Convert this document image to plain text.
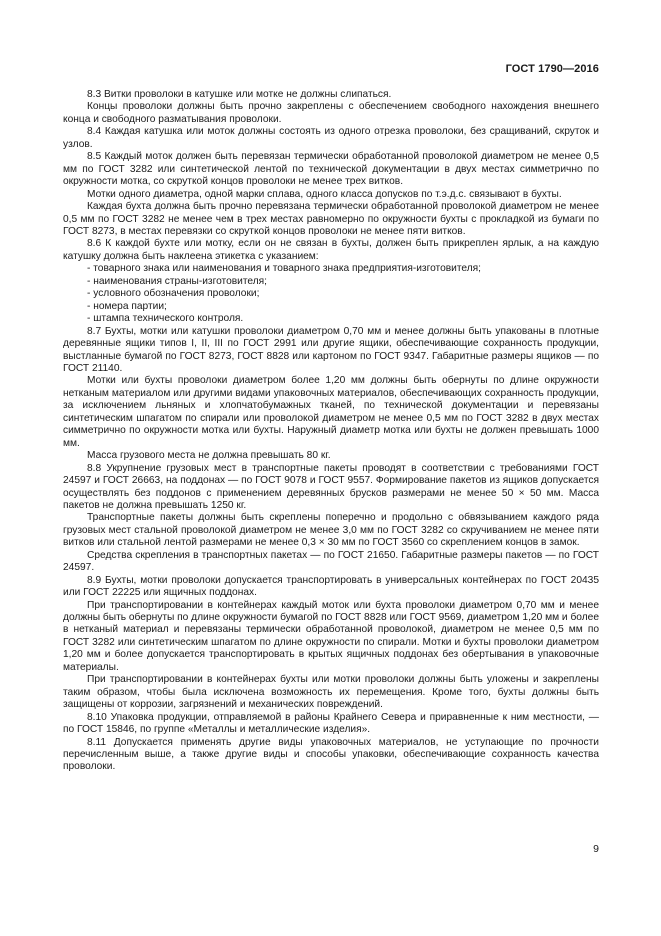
ГОСТ 1790—2016

8.3 Витки проволоки в катушке или мотке не должны слипаться.

Концы проволоки должны быть прочно закреплены с обеспечением свободного нахождения внешнего конца и свободного разматывания проволоки.

8.4 Каждая катушка или моток должны состоять из одного отрезка проволоки, без сращиваний, скруток и узлов.

8.5 Каждый моток должен быть перевязан термически обработанной проволокой диаметром не менее 0,5 мм по ГОСТ 3282 или синтетической лентой по технической документации в двух местах симметрично по окружности мотка, со скруткой концов проволоки не менее трех витков.

Мотки одного диаметра, одной марки сплава, одного класса допусков по т.э.д.с. связывают в бухты.

Каждая бухта должна быть прочно перевязана термически обработанной проволокой диаметром не менее 0,5 мм по ГОСТ 3282 не менее чем в трех местах равномерно по окружности бухты с прокладкой из бумаги по ГОСТ 8273, в местах перевязки со скруткой концов проволоки не менее пяти витков.

8.6 К каждой бухте или мотку, если он не связан в бухты, должен быть прикреплен ярлык, а на каждую катушку должна быть наклеена этикетка с указанием:

- товарного знака или наименования и товарного знака предприятия-изготовителя;

- наименования страны-изготовителя;

- условного обозначения проволоки;

- номера партии;

- штампа технического контроля.

8.7 Бухты, мотки или катушки проволоки диаметром 0,70 мм и менее должны быть упакованы в плотные деревянные ящики типов I, II, III по ГОСТ 2991 или другие ящики, обеспечивающие сохранность продукции, выстланные бумагой по ГОСТ 8273, ГОСТ 8828 или картоном по ГОСТ 9347. Габаритные размеры ящиков — по ГОСТ 21140.

Мотки или бухты проволоки диаметром более 1,20 мм должны быть обернуты по длине окружности нетканым материалом или другими видами упаковочных материалов, обеспечивающих сохранность продукции, за исключением льняных и хлопчатобумажных тканей, по технической документации и перевязаны синтетическим шпагатом по спирали или проволокой диаметром не менее 0,5 мм по ГОСТ 3282 в двух местах симметрично по окружности мотка или бухты. Наружный диаметр мотка или бухты не должен превышать 1000 мм.

Масса грузового места не должна превышать 80 кг.

8.8 Укрупнение грузовых мест в транспортные пакеты проводят в соответствии с требованиями ГОСТ 24597 и ГОСТ 26663, на поддонах — по ГОСТ 9078 и ГОСТ 9557. Формирование пакетов из ящиков допускается осуществлять без поддонов с применением деревянных брусков размерами не менее 50 × 50 мм. Масса пакетов не должна превышать 1250 кг.

Транспортные пакеты должны быть скреплены поперечно и продольно с обвязыванием каждого ряда грузовых мест стальной проволокой диаметром не менее 3,0 мм по ГОСТ 3282 со скручиванием не менее пяти витков или стальной лентой размерами не менее 0,3 × 30 мм по ГОСТ 3560 со скреплением концов в замок.

Средства скрепления в транспортных пакетах — по ГОСТ 21650. Габаритные размеры пакетов — по ГОСТ 24597.

8.9 Бухты, мотки проволоки допускается транспортировать в универсальных контейнерах по ГОСТ 20435 или ГОСТ 22225 или ящичных поддонах.

При транспортировании в контейнерах каждый моток или бухта проволоки диаметром 0,70 мм и менее должны быть обернуты по длине окружности бумагой по ГОСТ 8828 или ГОСТ 9569, диаметром 1,20 мм и более в нетканый материал и перевязаны термически обработанной проволокой, диаметром не менее 0,5 мм по ГОСТ 3282 или синтетическим шпагатом по длине окружности по спирали. Мотки и бухты проволоки диаметром 1,20 мм и более допускается транспортировать в крытых ящичных поддонах без обертывания в упаковочные материалы.

При транспортировании в контейнерах бухты или мотки проволоки должны быть уложены и закреплены таким образом, чтобы была исключена возможность их перемещения. Кроме того, бухты должны быть защищены от коррозии, загрязнений и механических повреждений.

8.10 Упаковка продукции, отправляемой в районы Крайнего Севера и приравненные к ним местности, — по ГОСТ 15846, по группе «Металлы и металлические изделия».

8.11 Допускается применять другие виды упаковочных материалов, не уступающие по прочности перечисленным выше, а также другие виды и способы упаковки, обеспечивающие сохранность качества проволоки.

9
